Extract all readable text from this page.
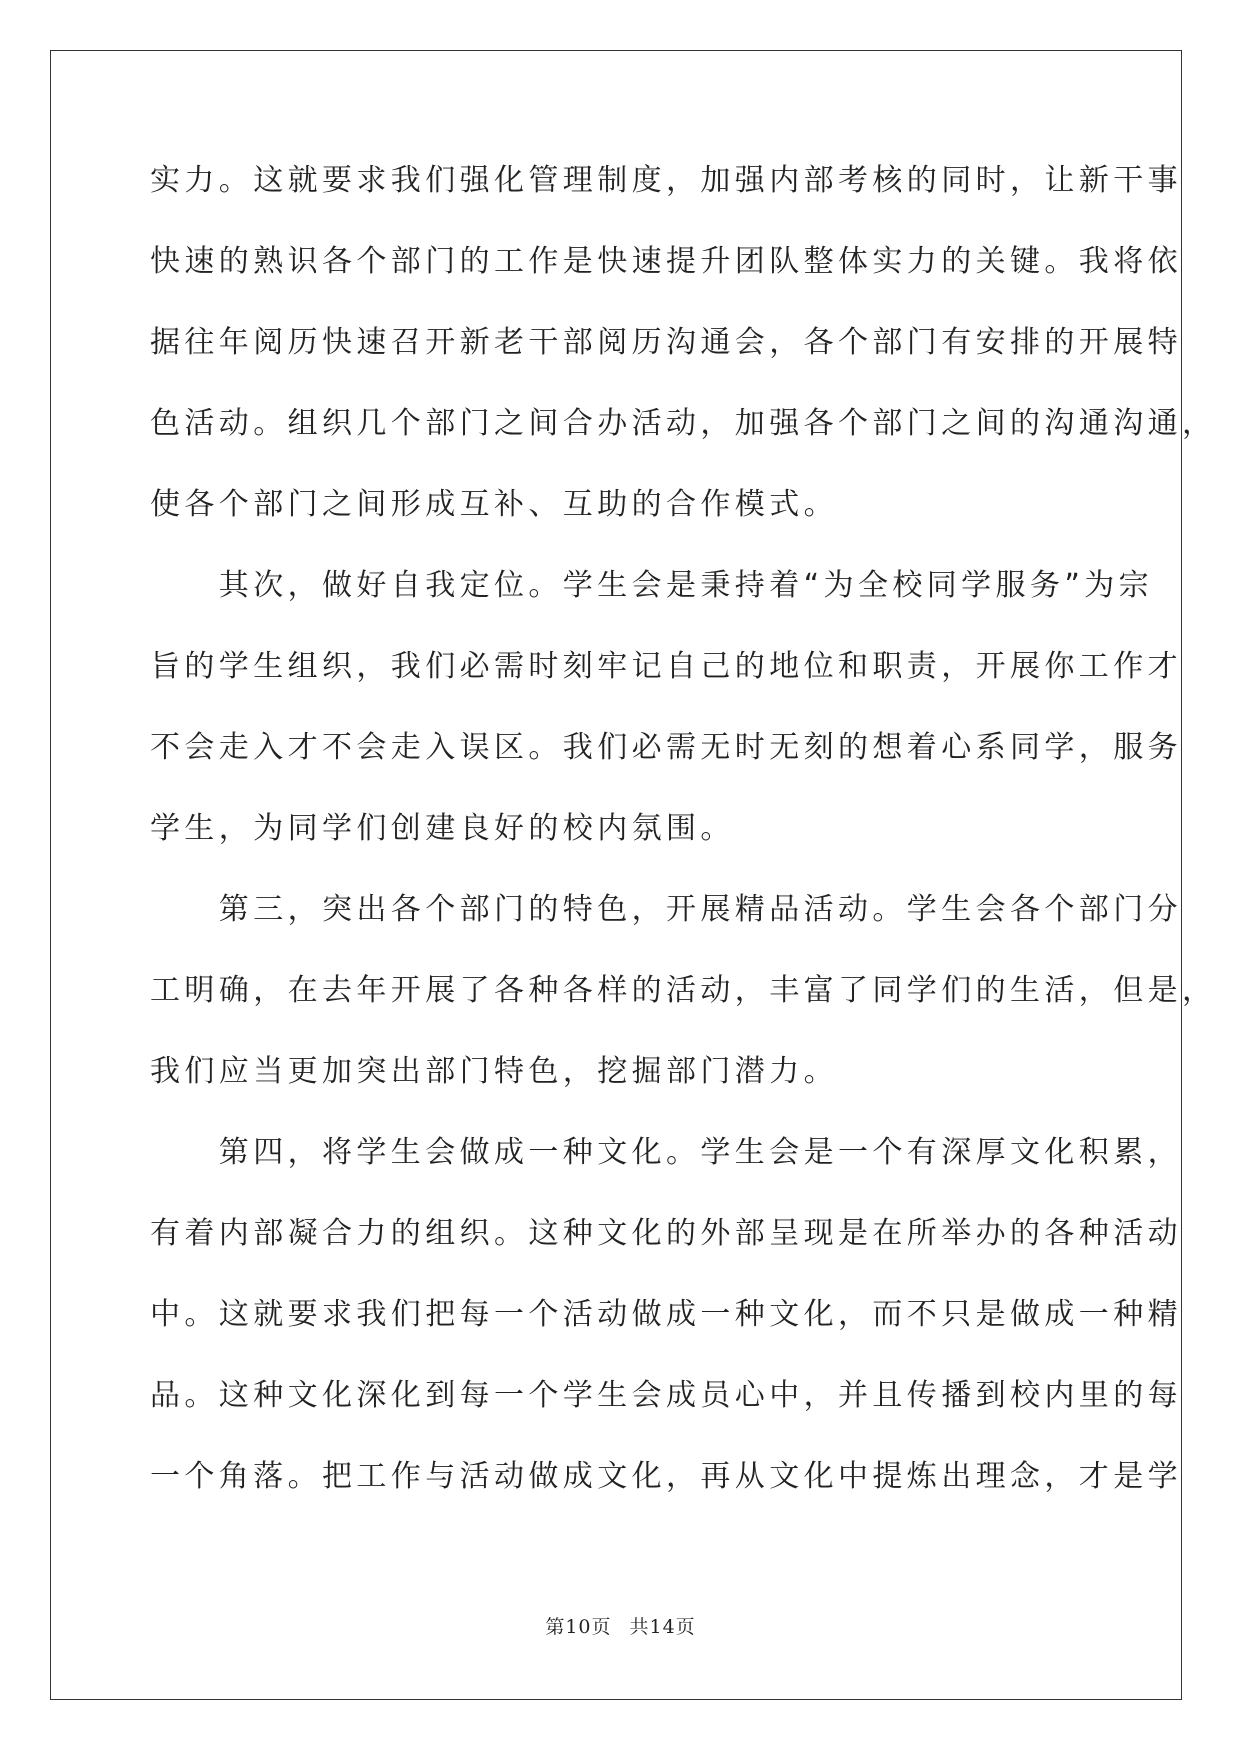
实力。这就要求我们强化管理制度，加强内部考核的同时，让新干事
快速的熟识各个部门的工作是快速提升团队整体实力的关键。我将依
据往年阅历快速召开新老干部阅历沟通会，各个部门有安排的开展特
色活动。组织几个部门之间合办活动，加强各个部门之间的沟通沟通，
使各个部门之间形成互补、互助的合作模式。
　　其次，做好自我定位。学生会是秉持着“为全校同学服务”为宗
旨的学生组织，我们必需时刻牢记自己的地位和职责，开展你工作才
不会走入才不会走入误区。我们必需无时无刻的想着心系同学，服务
学生，为同学们创建良好的校内氛围。
　　第三，突出各个部门的特色，开展精品活动。学生会各个部门分
工明确，在去年开展了各种各样的活动，丰富了同学们的生活，但是，
我们应当更加突出部门特色，挖掘部门潜力。
　　第四，将学生会做成一种文化。学生会是一个有深厚文化积累，
有着内部凝合力的组织。这种文化的外部呈现是在所举办的各种活动
中。这就要求我们把每一个活动做成一种文化，而不只是做成一种精
品。这种文化深化到每一个学生会成员心中，并且传播到校内里的每
一个角落。把工作与活动做成文化，再从文化中提炼出理念，才是学
第10页 共14页
